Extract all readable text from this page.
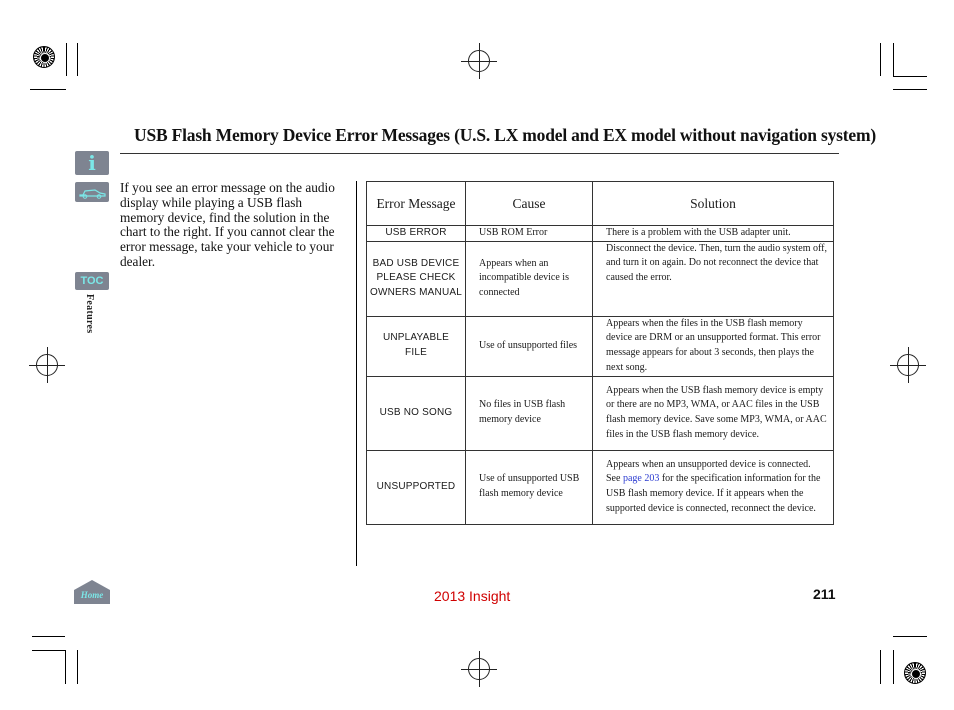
USB Flash Memory Device Error Messages (U.S. LX model and EX model without navigation system)
i
TOC
Features
If you see an error message on the audio display while playing a USB flash memory device, find the solution in the chart to the right. If you cannot clear the error message, take your vehicle to your dealer.
Error Message	Cause	Solution
USB ERROR	USB ROM Error	There is a problem with the USB adapter unit.
BAD USB DEVICE PLEASE CHECK OWNERS MANUAL	Appears when an incompatible device is connected	Disconnect the device. Then, turn the audio system off, and turn it on again. Do not reconnect the device that caused the error.
UNPLAYABLE FILE	Use of unsupported files	Appears when the files in the USB flash memory device are DRM or an unsupported format. This error message appears for about 3 seconds, then plays the next song.
USB NO SONG	No files in USB flash memory device	Appears when the USB flash memory device is empty or there are no MP3, WMA, or AAC files in the USB flash memory device. Save some MP3, WMA, or AAC files in the USB flash memory device.
UNSUPPORTED	Use of unsupported USB flash memory device	Appears when an unsupported device is connected. See page 203 for the specification information for the USB flash memory device. If it appears when the supported device is connected, reconnect the device.
Home	2013 Insight	211
